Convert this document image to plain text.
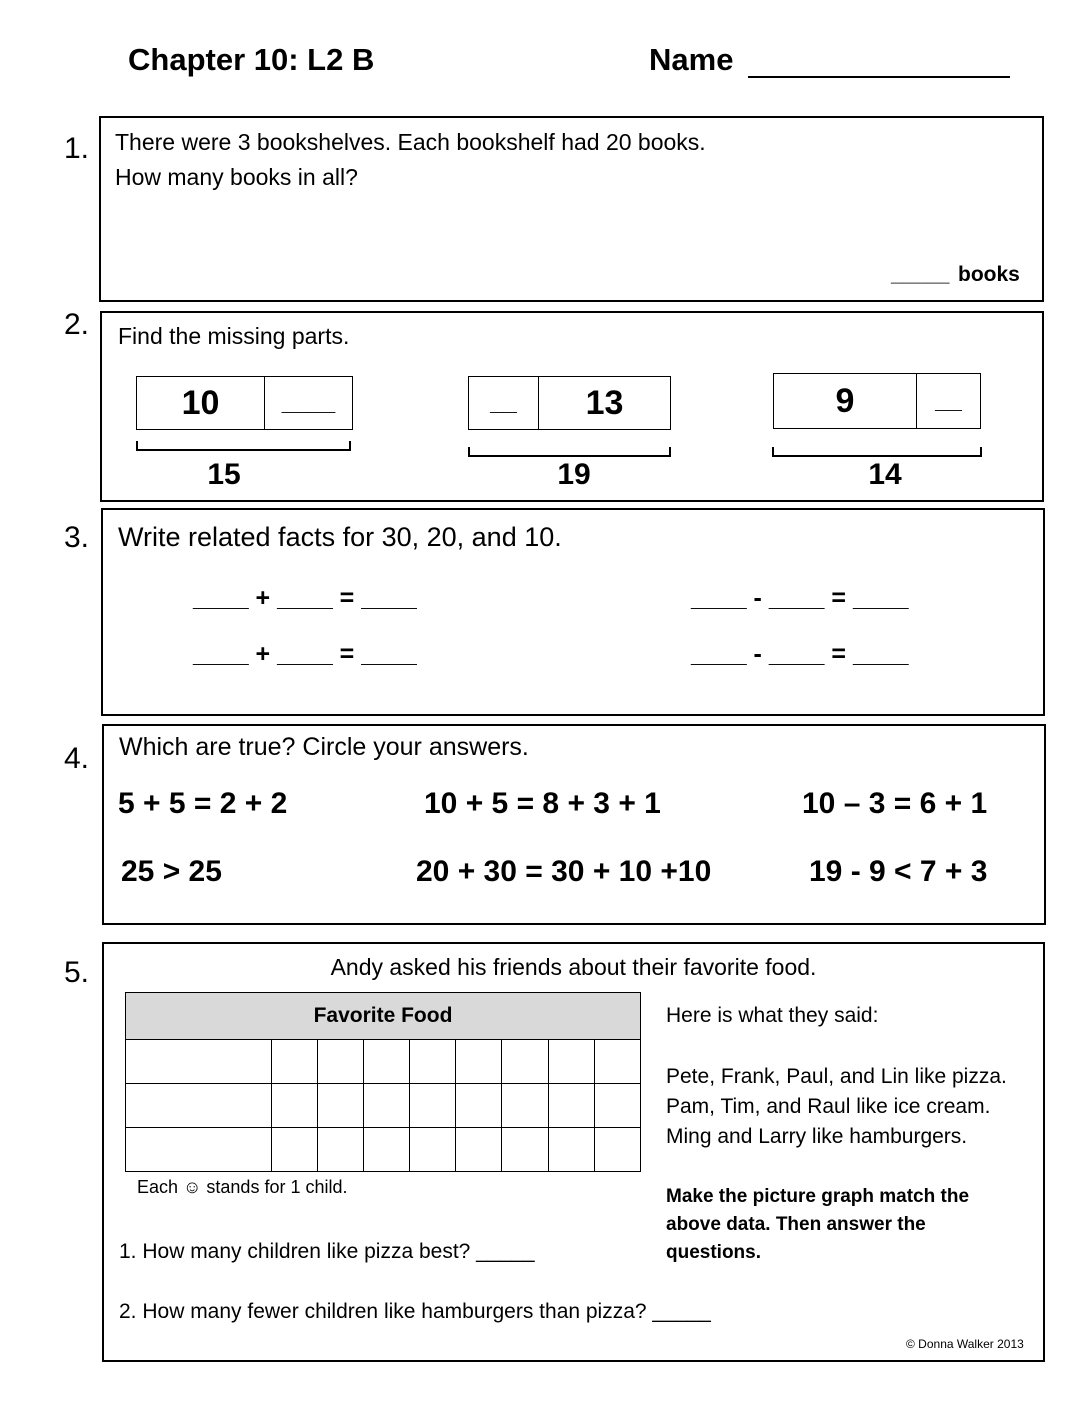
Chapter 10: L2 B	Name
1. There were 3 bookshelves. Each bookshelf had 20 books.
How many books in all?
_____ books
2. Find the missing parts.
10	____
15
__	13
19
9	__
14
3. Write related facts for 30, 20, and 10.
____ + ____ = ____
____ + ____ = ____
____ - ____ = ____
____ - ____ = ____
4. Which are true? Circle your answers.
5 + 5 = 2 + 2	10 + 5 = 8 + 3 + 1	10 – 3 = 6 + 1
25 > 25	20 + 30 = 30 + 10 +10	19 - 9 < 7 + 3
5.	Andy asked his friends about their favorite food.
Favorite Food								

Each ☺ stands for 1 child.
Here is what they said:
Pete, Frank, Paul, and Lin like pizza.
Pam, Tim, and Raul like ice cream.
Ming and Larry like hamburgers.
Make the picture graph match the
above data. Then answer the
questions.
1. How many children like pizza best? _____
2. How many fewer children like hamburgers than pizza? _____
© Donna Walker 2013
